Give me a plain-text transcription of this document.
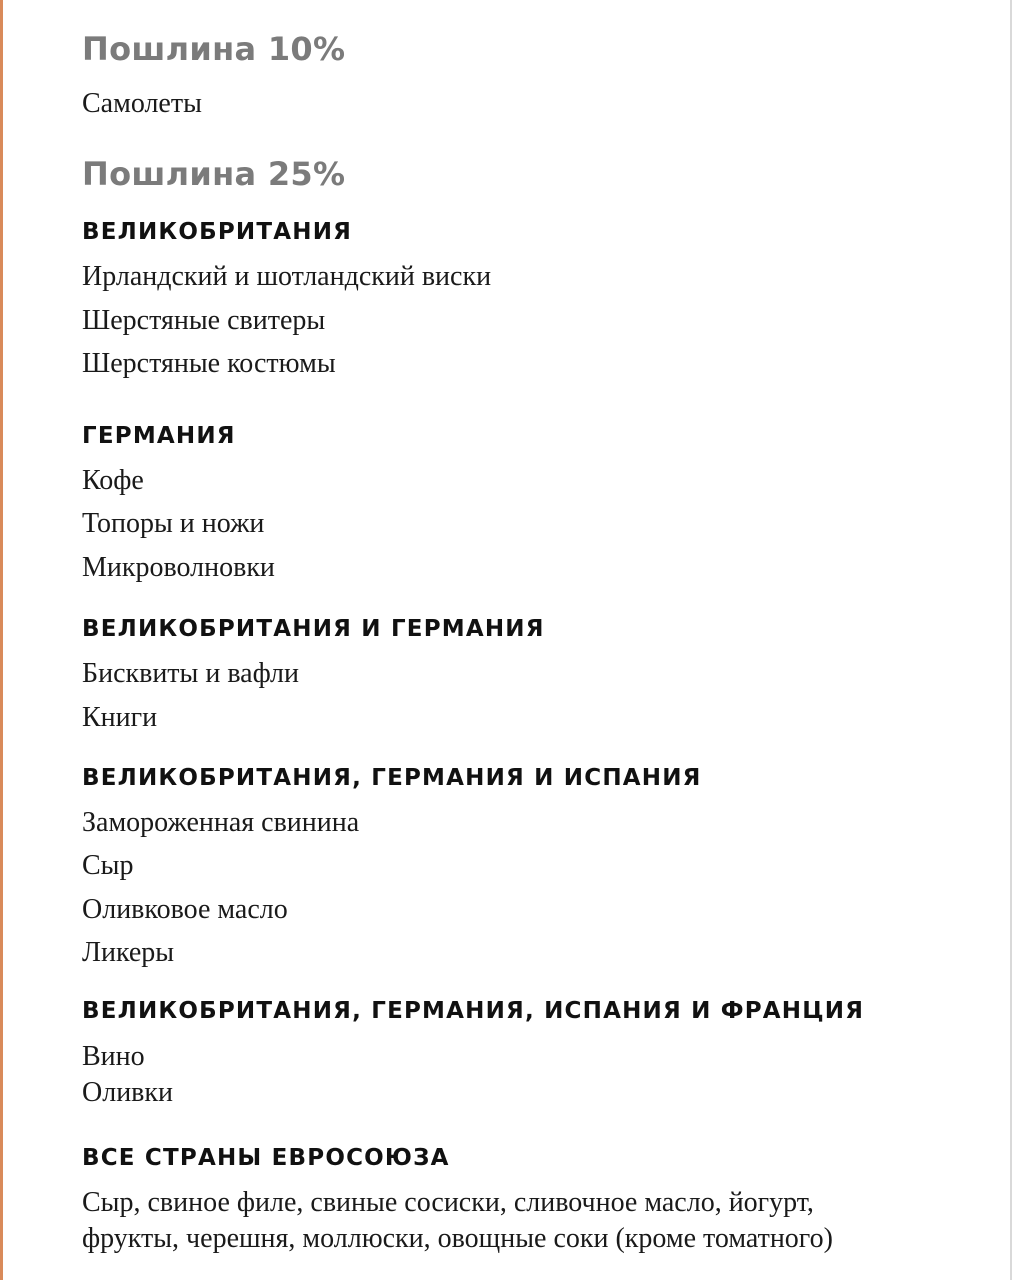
Пошлина 10%
Самолеты
Пошлина 25%
ВЕЛИКОБРИТАНИЯ
Ирландский и шотландский виски
Шерстяные свитеры
Шерстяные костюмы
ГЕРМАНИЯ
Кофе
Топоры и ножи
Микроволновки
ВЕЛИКОБРИТАНИЯ И ГЕРМАНИЯ
Бисквиты и вафли
Книги
ВЕЛИКОБРИТАНИЯ, ГЕРМАНИЯ И ИСПАНИЯ
Замороженная свинина
Сыр
Оливковое масло
Ликеры
ВЕЛИКОБРИТАНИЯ, ГЕРМАНИЯ, ИСПАНИЯ И ФРАНЦИЯ
Вино
Оливки
ВСЕ СТРАНЫ ЕВРОСОЮЗА
Сыр, свиное филе, свиные сосиски, сливочное масло, йогурт,
фрукты, черешня, моллюски, овощные соки (кроме томатного)
